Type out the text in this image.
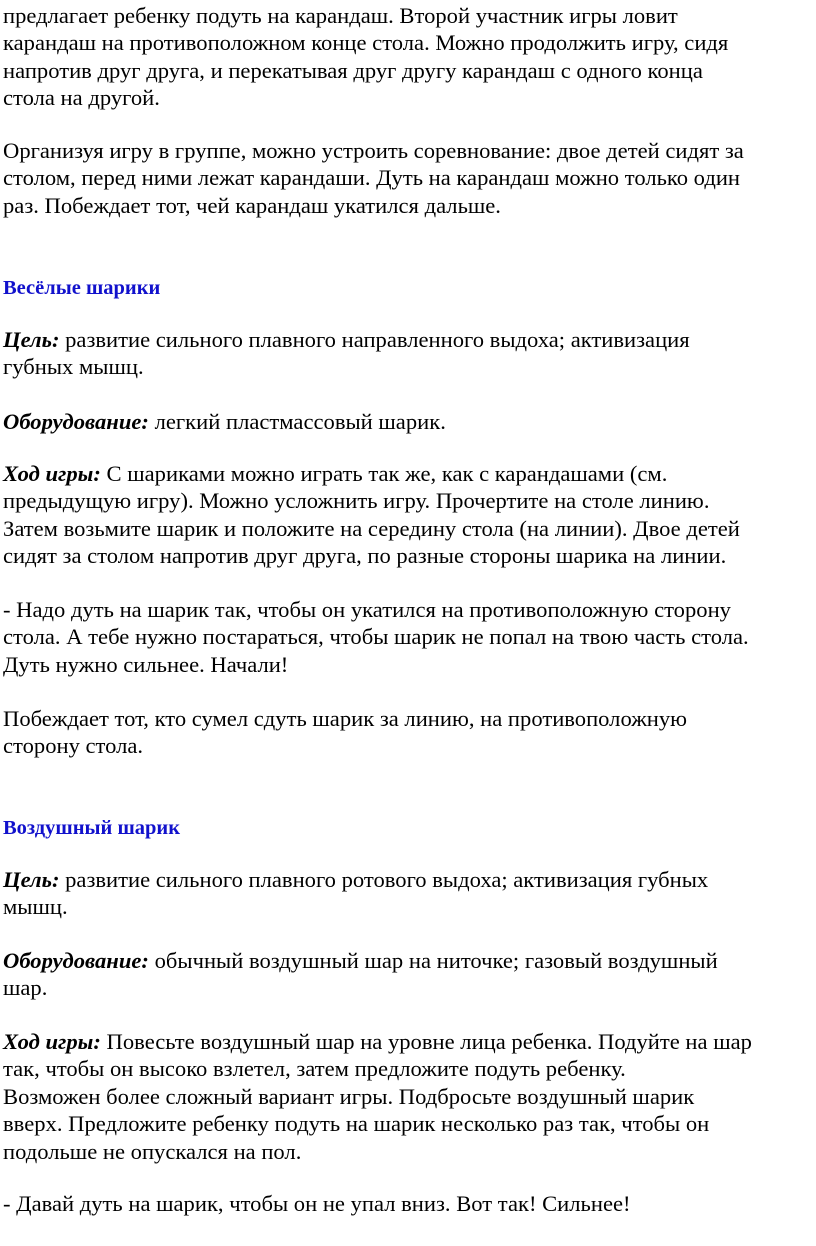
предлагает ребенку подуть на карандаш. Второй участник игры ловит
карандаш на противоположном конце стола. Можно продолжить игру, сидя
напротив друг друга, и перекатывая друг другу карандаш с одного конца
стола на другой.

Организуя игру в группе, можно устроить соревнование: двое детей сидят за
столом, перед ними лежат карандаши. Дуть на карандаш можно только один
раз. Побеждает тот, чей карандаш укатился дальше.

Весёлые шарики

Цель: развитие сильного плавного направленного выдоха; активизация
губных мышц.

Оборудование: легкий пластмассовый шарик.

Ход игры: С шариками можно играть так же, как с карандашами (см.
предыдущую игру). Можно усложнить игру. Прочертите на столе линию.
Затем возьмите шарик и положите на середину стола (на линии). Двое детей
сидят за столом напротив друг друга, по разные стороны шарика на линии.

- Надо дуть на шарик так, чтобы он укатился на противоположную сторону
стола. А тебе нужно постараться, чтобы шарик не попал на твою часть стола.
Дуть нужно сильнее. Начали!

Побеждает тот, кто сумел сдуть шарик за линию, на противоположную
сторону стола.

Воздушный шарик

Цель: развитие сильного плавного ротового выдоха; активизация губных
мышц.

Оборудование: обычный воздушный шар на ниточке; газовый воздушный
шар.

Ход игры: Повесьте воздушный шар на уровне лица ребенка. Подуйте на шар
так, чтобы он высоко взлетел, затем предложите подуть ребенку.
Возможен более сложный вариант игры. Подбросьте воздушный шарик
вверх. Предложите ребенку подуть на шарик несколько раз так, чтобы он
подольше не опускался на пол.

- Давай дуть на шарик, чтобы он не упал вниз. Вот так! Сильнее!
